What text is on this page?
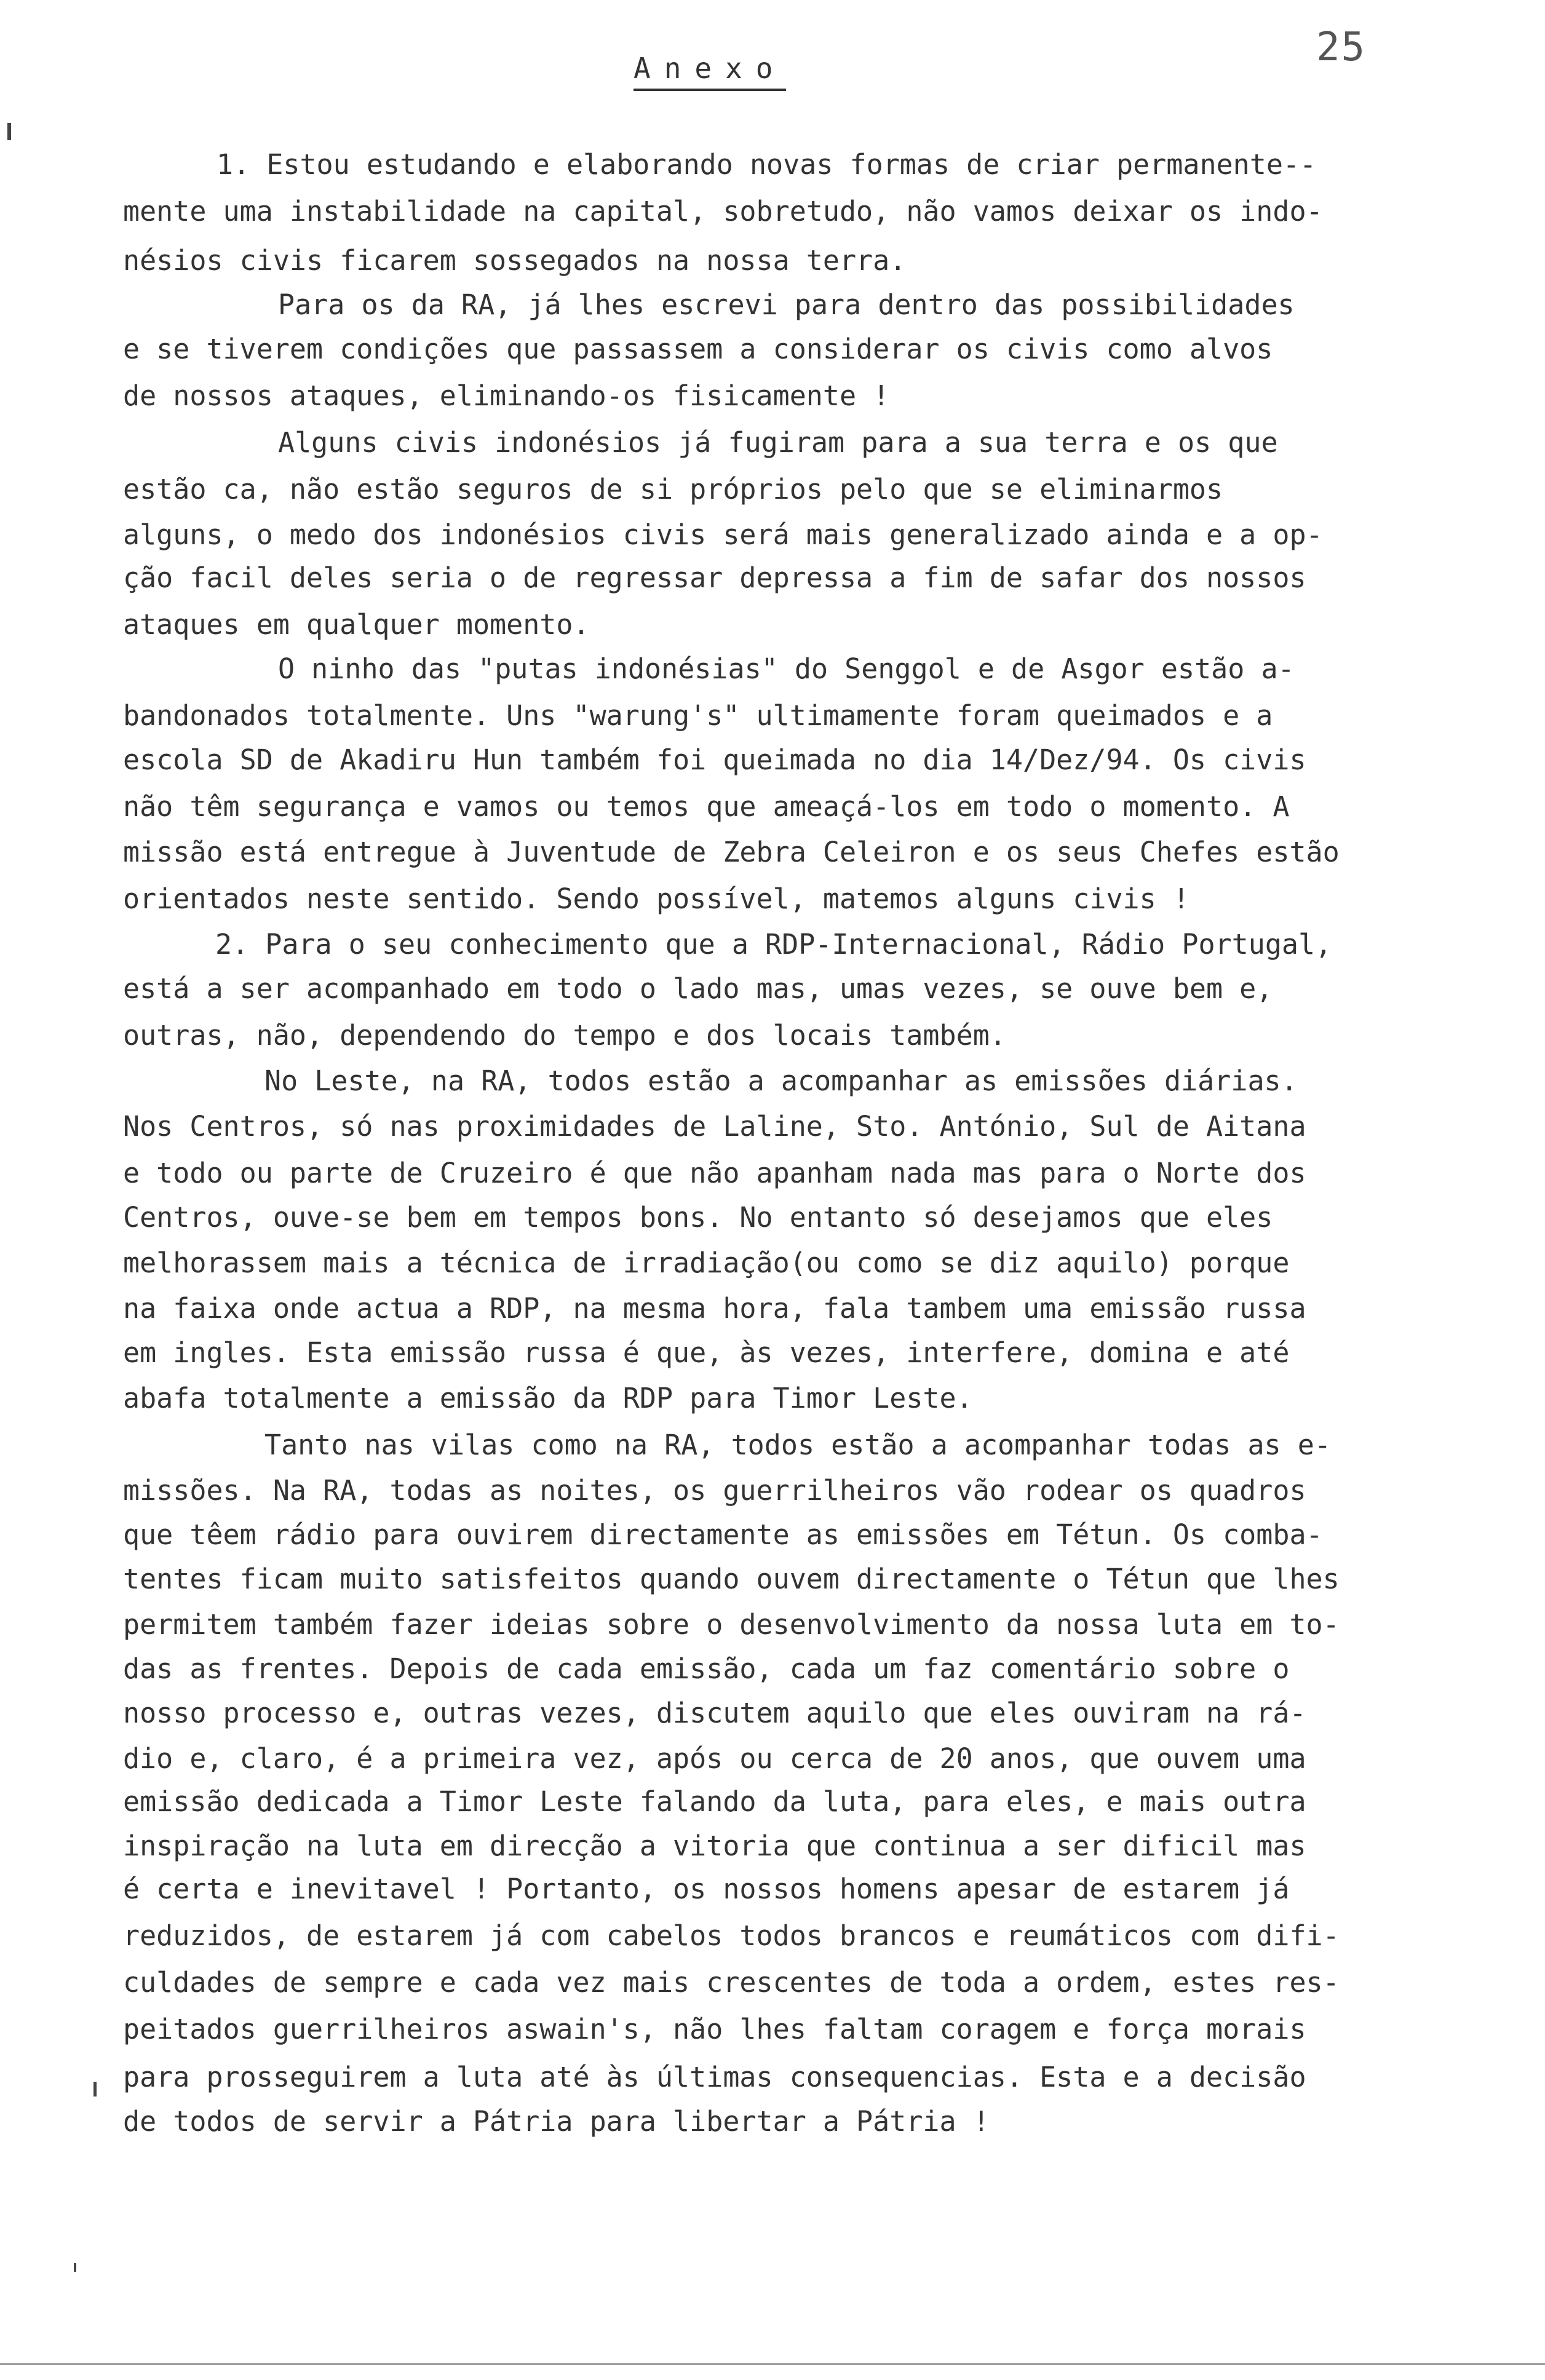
25
Anexo
1. Estou estudando e elaborando novas formas de criar permanente--
mente uma instabilidade na capital, sobretudo, não vamos deixar os indo-
nésios civis ficarem sossegados na nossa terra.
Para os da RA, já lhes escrevi para dentro das possibilidades
e se tiverem condições que passassem a considerar os civis como alvos
de nossos ataques, eliminando-os fisicamente !
Alguns civis indonésios já fugiram para a sua terra e os que
estão ca, não estão seguros de si próprios pelo que se eliminarmos
alguns, o medo dos indonésios civis será mais generalizado ainda e a op-
ção facil deles seria o de regressar depressa a fim de safar dos nossos
ataques em qualquer momento.
O ninho das "putas indonésias" do Senggol e de Asgor estão a-
bandonados totalmente. Uns "warung's" ultimamente foram queimados e a
escola SD de Akadiru Hun também foi queimada no dia 14/Dez/94. Os civis
não têm segurança e vamos ou temos que ameaçá-los em todo o momento. A
missão está entregue à Juventude de Zebra Celeiron e os seus Chefes estão
orientados neste sentido. Sendo possível, matemos alguns civis !
2. Para o seu conhecimento que a RDP-Internacional, Rádio Portugal,
está a ser acompanhado em todo o lado mas, umas vezes, se ouve bem e,
outras, não, dependendo do tempo e dos locais também.
No Leste, na RA, todos estão a acompanhar as emissões diárias.
Nos Centros, só nas proximidades de Laline, Sto. António, Sul de Aitana
e todo ou parte de Cruzeiro é que não apanham nada mas para o Norte dos
Centros, ouve-se bem em tempos bons. No entanto só desejamos que eles
melhorassem mais a técnica de irradiação(ou como se diz aquilo) porque
na faixa onde actua a RDP, na mesma hora, fala tambem uma emissão russa
em ingles. Esta emissão russa é que, às vezes, interfere, domina e até
abafa totalmente a emissão da RDP para Timor Leste.
Tanto nas vilas como na RA, todos estão a acompanhar todas as e-
missões. Na RA, todas as noites, os guerrilheiros vão rodear os quadros
que têem rádio para ouvirem directamente as emissões em Tétun. Os comba-
tentes ficam muito satisfeitos quando ouvem directamente o Tétun que lhes
permitem também fazer ideias sobre o desenvolvimento da nossa luta em to-
das as frentes. Depois de cada emissão, cada um faz comentário sobre o
nosso processo e, outras vezes, discutem aquilo que eles ouviram na rá-
dio e, claro, é a primeira vez, após ou cerca de 20 anos, que ouvem uma
emissão dedicada a Timor Leste falando da luta, para eles, e mais outra
inspiração na luta em direcção a vitoria que continua a ser dificil mas
é certa e inevitavel ! Portanto, os nossos homens apesar de estarem já
reduzidos, de estarem já com cabelos todos brancos e reumáticos com difi-
culdades de sempre e cada vez mais crescentes de toda a ordem, estes res-
peitados guerrilheiros aswain's, não lhes faltam coragem e força morais
para prosseguirem a luta até às últimas consequencias. Esta e a decisão
de todos de servir a Pátria para libertar a Pátria !
